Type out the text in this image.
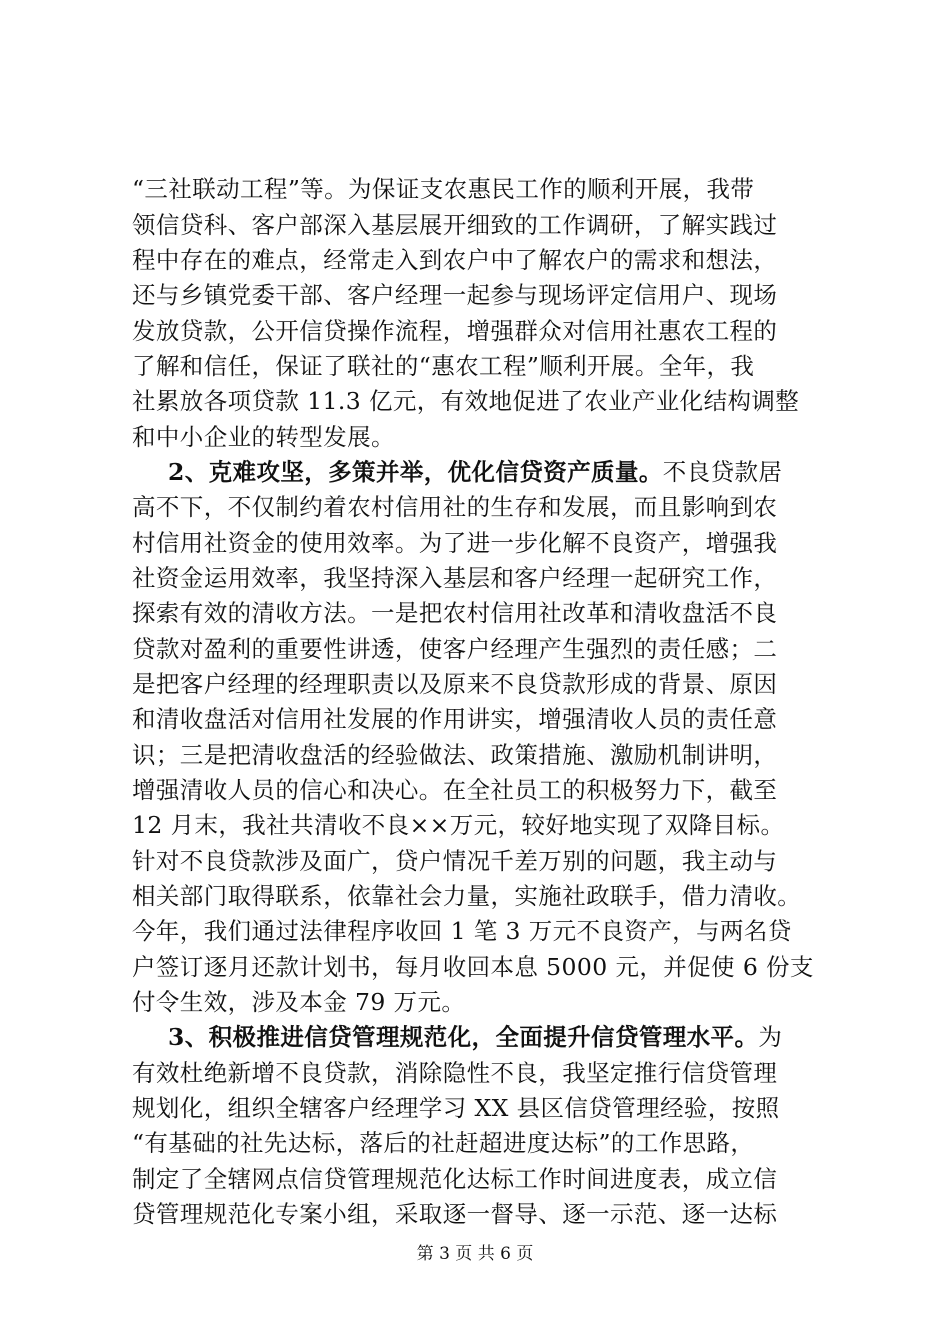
“三社联动工程”等。为保证支农惠民工作的顺利开展，我带
领信贷科、客户部深入基层展开细致的工作调研，了解实践过
程中存在的难点，经常走入到农户中了解农户的需求和想法，
还与乡镇党委干部、客户经理一起参与现场评定信用户、现场
发放贷款，公开信贷操作流程，增强群众对信用社惠农工程的
了解和信任，保证了联社的“惠农工程”顺利开展。全年，我
社累放各项贷款 11.3 亿元，有效地促进了农业产业化结构调整
和中小企业的转型发展。
2、克难攻坚，多策并举，优化信贷资产质量。不良贷款居
高不下，不仅制约着农村信用社的生存和发展，而且影响到农
村信用社资金的使用效率。为了进一步化解不良资产，增强我
社资金运用效率，我坚持深入基层和客户经理一起研究工作，
探索有效的清收方法。一是把农村信用社改革和清收盘活不良
贷款对盈利的重要性讲透，使客户经理产生强烈的责任感；二
是把客户经理的经理职责以及原来不良贷款形成的背景、原因
和清收盘活对信用社发展的作用讲实，增强清收人员的责任意
识；三是把清收盘活的经验做法、政策措施、激励机制讲明，
增强清收人员的信心和决心。在全社员工的积极努力下，截至
12 月末，我社共清收不良××万元，较好地实现了双降目标。
针对不良贷款涉及面广，贷户情况千差万别的问题，我主动与
相关部门取得联系，依靠社会力量，实施社政联手，借力清收。
今年，我们通过法律程序收回 1 笔 3 万元不良资产，与两名贷
户签订逐月还款计划书，每月收回本息 5000 元，并促使 6 份支
付令生效，涉及本金 79 万元。
3、积极推进信贷管理规范化，全面提升信贷管理水平。为
有效杜绝新增不良贷款，消除隐性不良，我坚定推行信贷管理
规划化，组织全辖客户经理学习 XX 县区信贷管理经验，按照
“有基础的社先达标，落后的社赶超进度达标”的工作思路，
制定了全辖网点信贷管理规范化达标工作时间进度表，成立信
贷管理规范化专案小组，采取逐一督导、逐一示范、逐一达标
第 3 页 共 6 页
